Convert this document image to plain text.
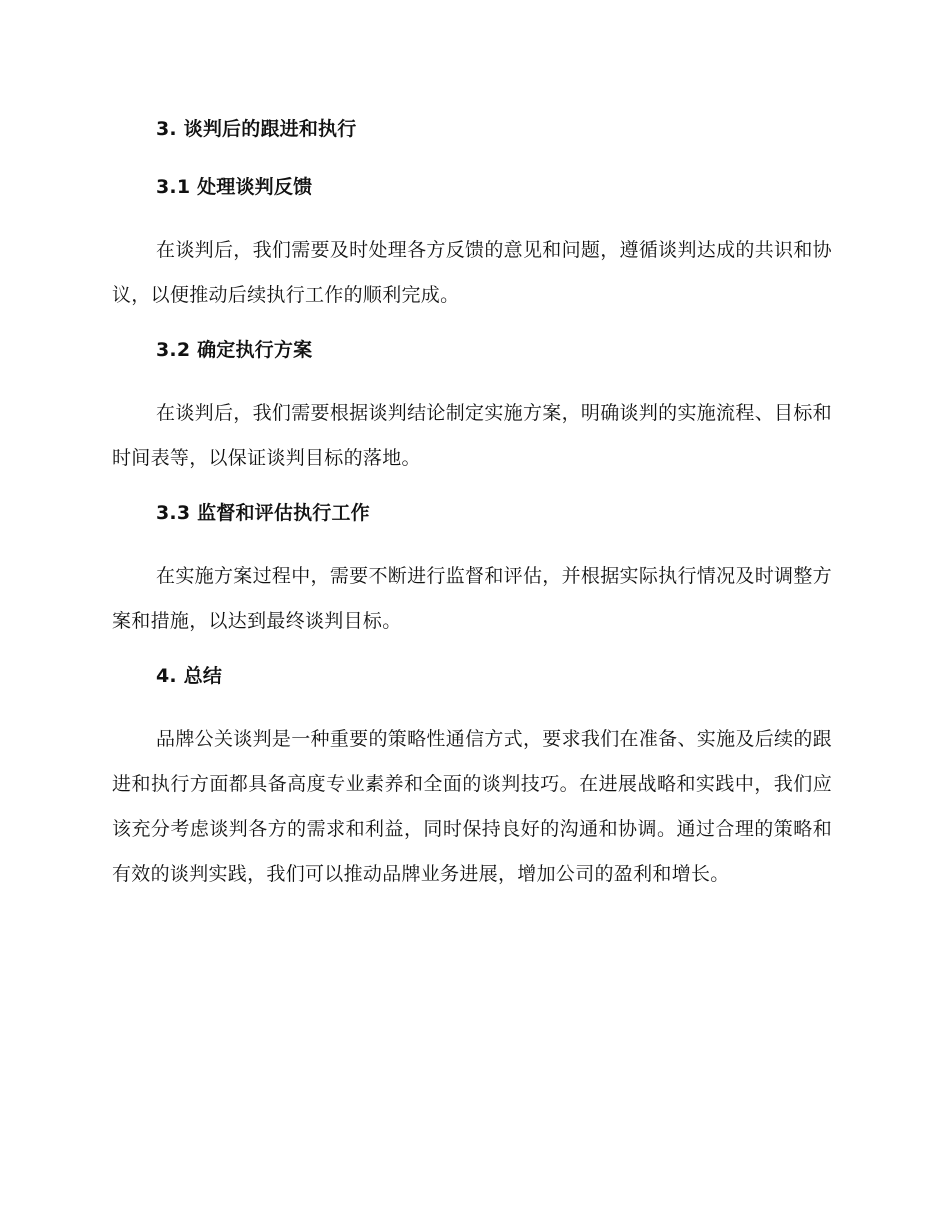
3. 谈判后的跟进和执行
3.1 处理谈判反馈

在谈判后，我们需要及时处理各方反馈的意见和问题，遵循谈判达成的共识和协议，以便推动后续执行工作的顺利完成。

3.2 确定执行方案

在谈判后，我们需要根据谈判结论制定实施方案，明确谈判的实施流程、目标和时间表等，以保证谈判目标的落地。

3.3 监督和评估执行工作

在实施方案过程中，需要不断进行监督和评估，并根据实际执行情况及时调整方案和措施，以达到最终谈判目标。

4. 总结

品牌公关谈判是一种重要的策略性通信方式，要求我们在准备、实施及后续的跟进和执行方面都具备高度专业素养和全面的谈判技巧。在进展战略和实践中，我们应该充分考虑谈判各方的需求和利益，同时保持良好的沟通和协调。通过合理的策略和有效的谈判实践，我们可以推动品牌业务进展，增加公司的盈利和增长。
